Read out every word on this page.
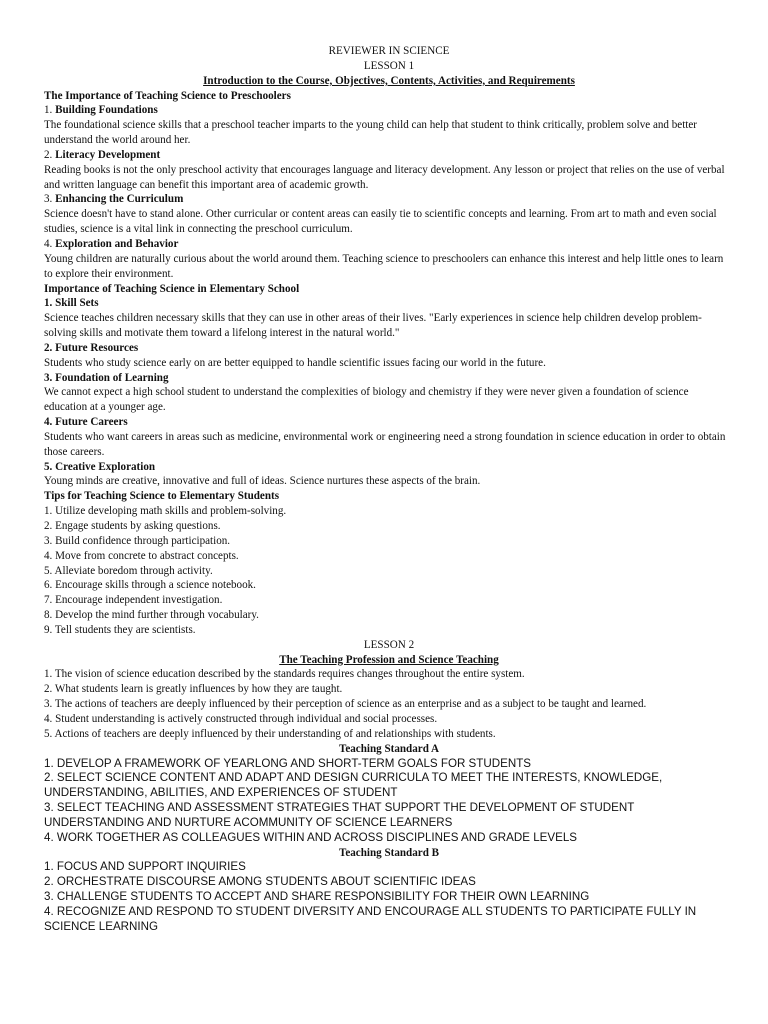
REVIEWER IN SCIENCE
LESSON 1
Introduction to the Course, Objectives, Contents, Activities, and Requirements
The Importance of Teaching Science to Preschoolers
1. Building Foundations
The foundational science skills that a preschool teacher imparts to the young child can help that student to think critically, problem solve and better understand the world around her.
2. Literacy Development
Reading books is not the only preschool activity that encourages language and literacy development. Any lesson or project that relies on the use of verbal and written language can benefit this important area of academic growth.
3. Enhancing the Curriculum
Science doesn't have to stand alone. Other curricular or content areas can easily tie to scientific concepts and learning. From art to math and even social studies, science is a vital link in connecting the preschool curriculum.
4. Exploration and Behavior
Young children are naturally curious about the world around them. Teaching science to preschoolers can enhance this interest and help little ones to learn to explore their environment.
Importance of Teaching Science in Elementary School
1. Skill Sets
Science teaches children necessary skills that they can use in other areas of their lives. "Early experiences in science help children develop problem-solving skills and motivate them toward a lifelong interest in the natural world."
2. Future Resources
Students who study science early on are better equipped to handle scientific issues facing our world in the future.
3. Foundation of Learning
We cannot expect a high school student to understand the complexities of biology and chemistry if they were never given a foundation of science education at a younger age.
4. Future Careers
Students who want careers in areas such as medicine, environmental work or engineering need a strong foundation in science education in order to obtain those careers.
5. Creative Exploration
Young minds are creative, innovative and full of ideas. Science nurtures these aspects of the brain.
Tips for Teaching Science to Elementary Students
1. Utilize developing math skills and problem-solving.
2. Engage students by asking questions.
3. Build confidence through participation.
4. Move from concrete to abstract concepts.
5. Alleviate boredom through activity.
6. Encourage skills through a science notebook.
7. Encourage independent investigation.
8. Develop the mind further through vocabulary.
9. Tell students they are scientists.
LESSON 2
The Teaching Profession and Science Teaching
1. The vision of science education described by the standards requires changes throughout the entire system.
2. What students learn is greatly influences by how they are taught.
3. The actions of teachers are deeply influenced by their perception of science as an enterprise and as a subject to be taught and learned.
4. Student understanding is actively constructed through individual and social processes.
5. Actions of teachers are deeply influenced by their understanding of and relationships with students.
Teaching Standard A
1. DEVELOP A FRAMEWORK OF YEARLONG AND SHORT-TERM GOALS FOR STUDENTS
2. SELECT SCIENCE CONTENT AND ADAPT AND DESIGN CURRICULA TO MEET THE INTERESTS, KNOWLEDGE, UNDERSTANDING, ABILITIES, AND EXPERIENCES OF STUDENT
3. SELECT TEACHING AND ASSESSMENT STRATEGIES THAT SUPPORT THE DEVELOPMENT OF STUDENT UNDERSTANDING AND NURTURE ACOMMUNITY OF SCIENCE LEARNERS
4. WORK TOGETHER AS COLLEAGUES WITHIN AND ACROSS DISCIPLINES AND GRADE LEVELS
Teaching Standard B
1. FOCUS AND SUPPORT INQUIRIES
2. ORCHESTRATE DISCOURSE AMONG STUDENTS ABOUT SCIENTIFIC IDEAS
3. CHALLENGE STUDENTS TO ACCEPT AND SHARE RESPONSIBILITY FOR THEIR OWN LEARNING
4. RECOGNIZE AND RESPOND TO STUDENT DIVERSITY AND ENCOURAGE ALL STUDENTS TO PARTICIPATE FULLY IN SCIENCE LEARNING
